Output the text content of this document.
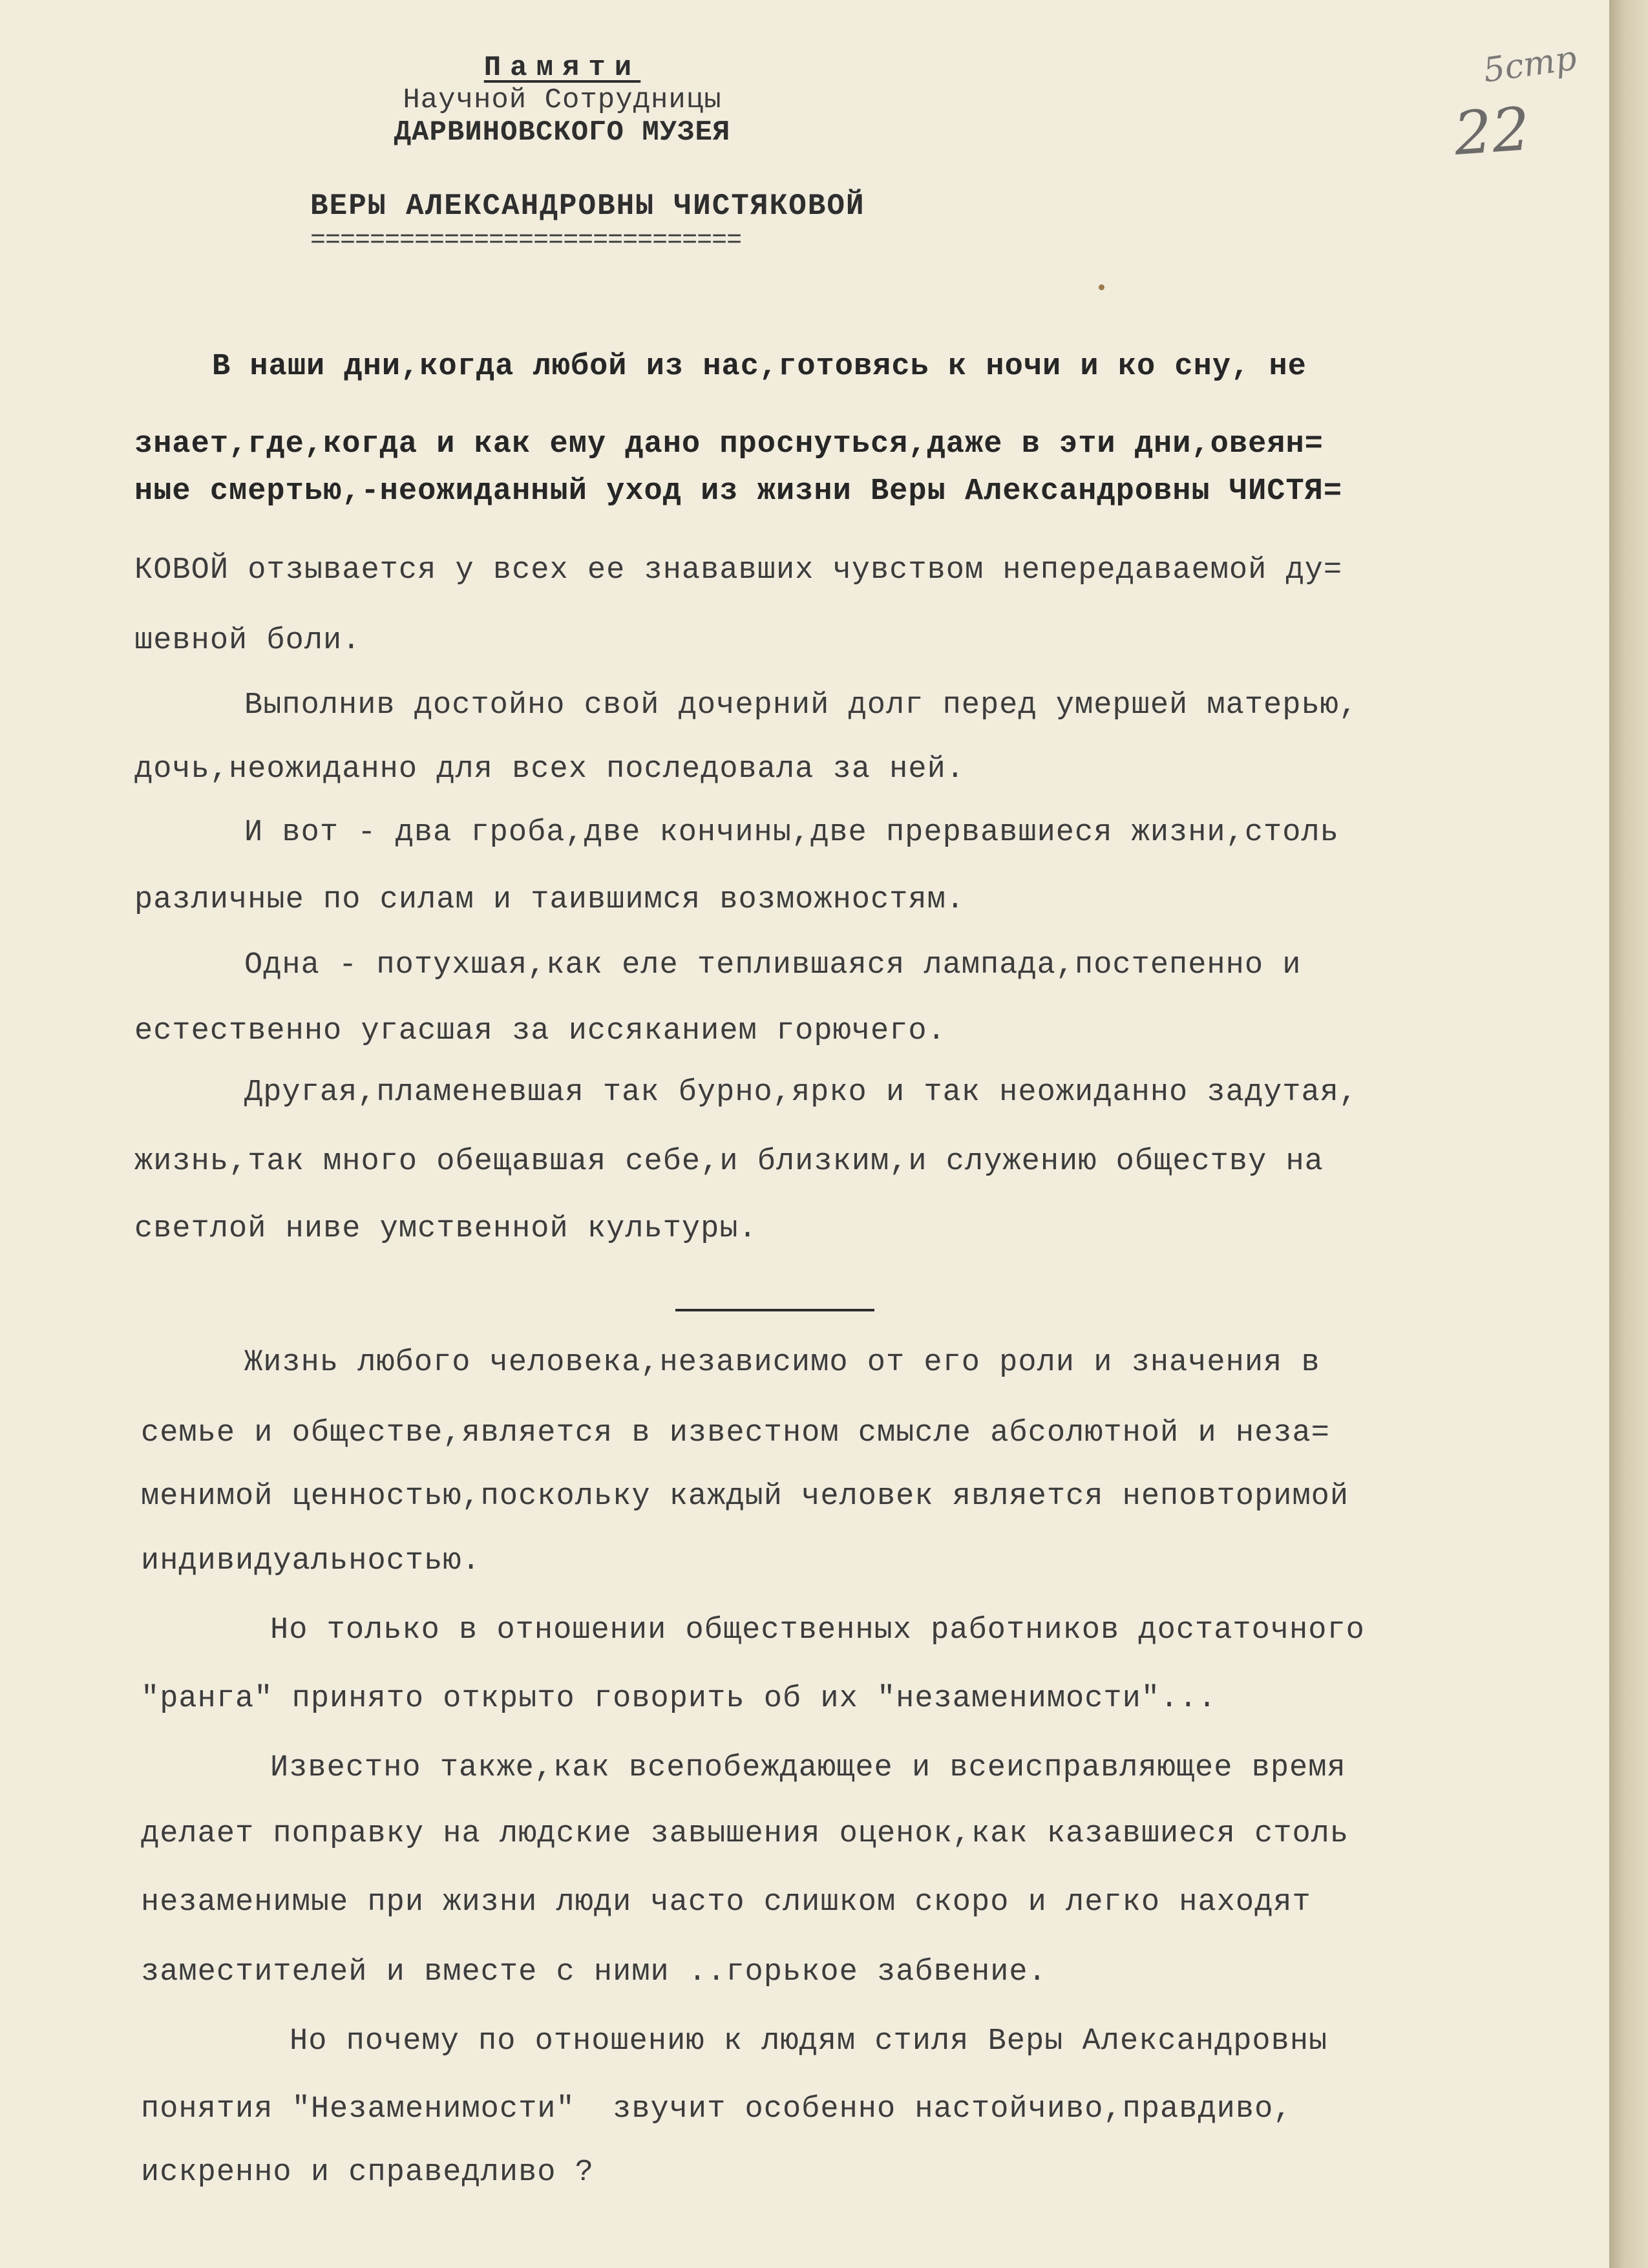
Памяти
Научной Сотрудницы
ДАРВИНОВСКОГО МУЗЕЯ
ВЕРЫ АЛЕКСАНДРОВНЫ ЧИСТЯКОВОЙ
=============================
5стр
22
В наши дни,когда любой из нас,готовясь к ночи и ко сну, не
знает,где,когда и как ему дано проснуться,даже в эти дни,овеян=
ные смертью,-неожиданный уход из жизни Веры Александровны ЧИСТЯ=
КОВОЙ отзывается у всех ее знававших чувством непередаваемой ду=
шевной боли.
Выполнив достойно свой дочерний долг перед умершей матерью,
дочь,неожиданно для всех последовала за ней.
И вот - два гроба,две кончины,две прервавшиеся жизни,столь
различные по силам и таившимся возможностям.
Одна - потухшая,как еле теплившаяся лампада,постепенно и
естественно угасшая за иссяканием горючего.
Другая,пламеневшая так бурно,ярко и так неожиданно задутая,
жизнь,так много обещавшая себе,и близким,и служению обществу на
светлой ниве умственной культуры.
Жизнь любого человека,независимо от его роли и значения в
семье и обществе,является в известном смысле абсолютной и неза=
менимой ценностью,поскольку каждый человек является неповторимой
индивидуальностью.
Но только в отношении общественных работников достаточного
"ранга" принято открыто говорить об их "незаменимости"...
Известно также,как всепобеждающее и всеисправляющее время
делает поправку на людские завышения оценок,как казавшиеся столь
незаменимые при жизни люди часто слишком скоро и легко находят
заместителей и вместе с ними ..горькое забвение.
Но почему по отношению к людям стиля Веры Александровны
понятия "Незаменимости"  звучит особенно настойчиво,правдиво,
искренно и справедливо ?
